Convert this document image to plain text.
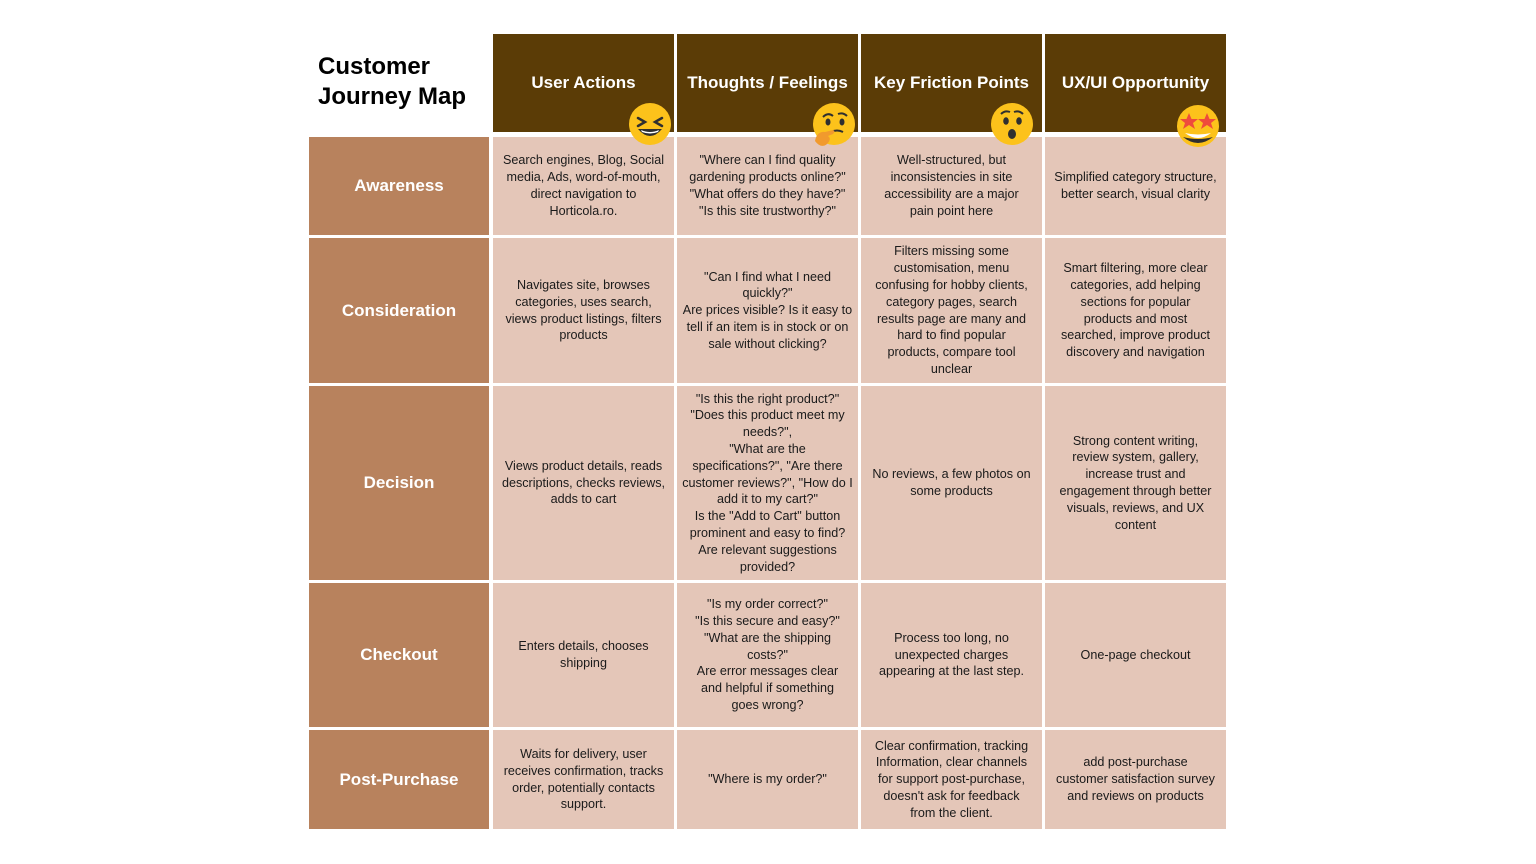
Customer
Journey Map
User Actions	Thoughts / Feelings Key Friction Points UX/UI Opportunity
Awareness
Search engines, Blog, Social
media, Ads, word-of-mouth,
direct navigation to
Horticola.ro.
"Where can I find quality
gardening products online?"
"What offers do they have?"
"Is this site trustworthy?"
Well-structured, but
inconsistencies in site
accessibility are a major
pain point here
Simplified category structure,
better search, visual clarity
Consideration
Navigates site, browses
categories, uses search,
views product listings, filters
products
"Can I find what I need
quickly?"
Are prices visible? Is it easy to
tell if an item is in stock or on
sale without clicking?
Filters missing some
customisation, menu
confusing for hobby clients,
category pages, search
results page are many and
hard to find popular
products, compare tool
unclear
Smart filtering, more clear
categories, add helping
sections for popular
products and most
searched, improve product
discovery and navigation
Decision
Views product details, reads
descriptions, checks reviews,
adds to cart
"Is this the right product?"
"Does this product meet my
needs?",
"What are the
specifications?", "Are there
customer reviews?", "How do I
add it to my cart?"
Is the "Add to Cart" button
prominent and easy to find?
Are relevant suggestions
provided?
No reviews, a few photos on
some products
Strong content writing,
review system, gallery,
increase trust and
engagement through better
visuals, reviews, and UX
content
Checkout	Enters details, chooses
shipping
"Is my order correct?"
"Is this secure and easy?"
"What are the shipping
costs?"
Are error messages clear
and helpful if something
goes wrong?
Process too long, no
unexpected charges
appearing at the last step.
One-page checkout
Post-Purchase
Waits for delivery, user
receives confirmation, tracks
order, potentially contacts
support.
"Where is my order?"
Clear confirmation, tracking
Information, clear channels
for support post-purchase,
doesn't ask for feedback
from the client.
add post-purchase
customer satisfaction survey
and reviews on products
